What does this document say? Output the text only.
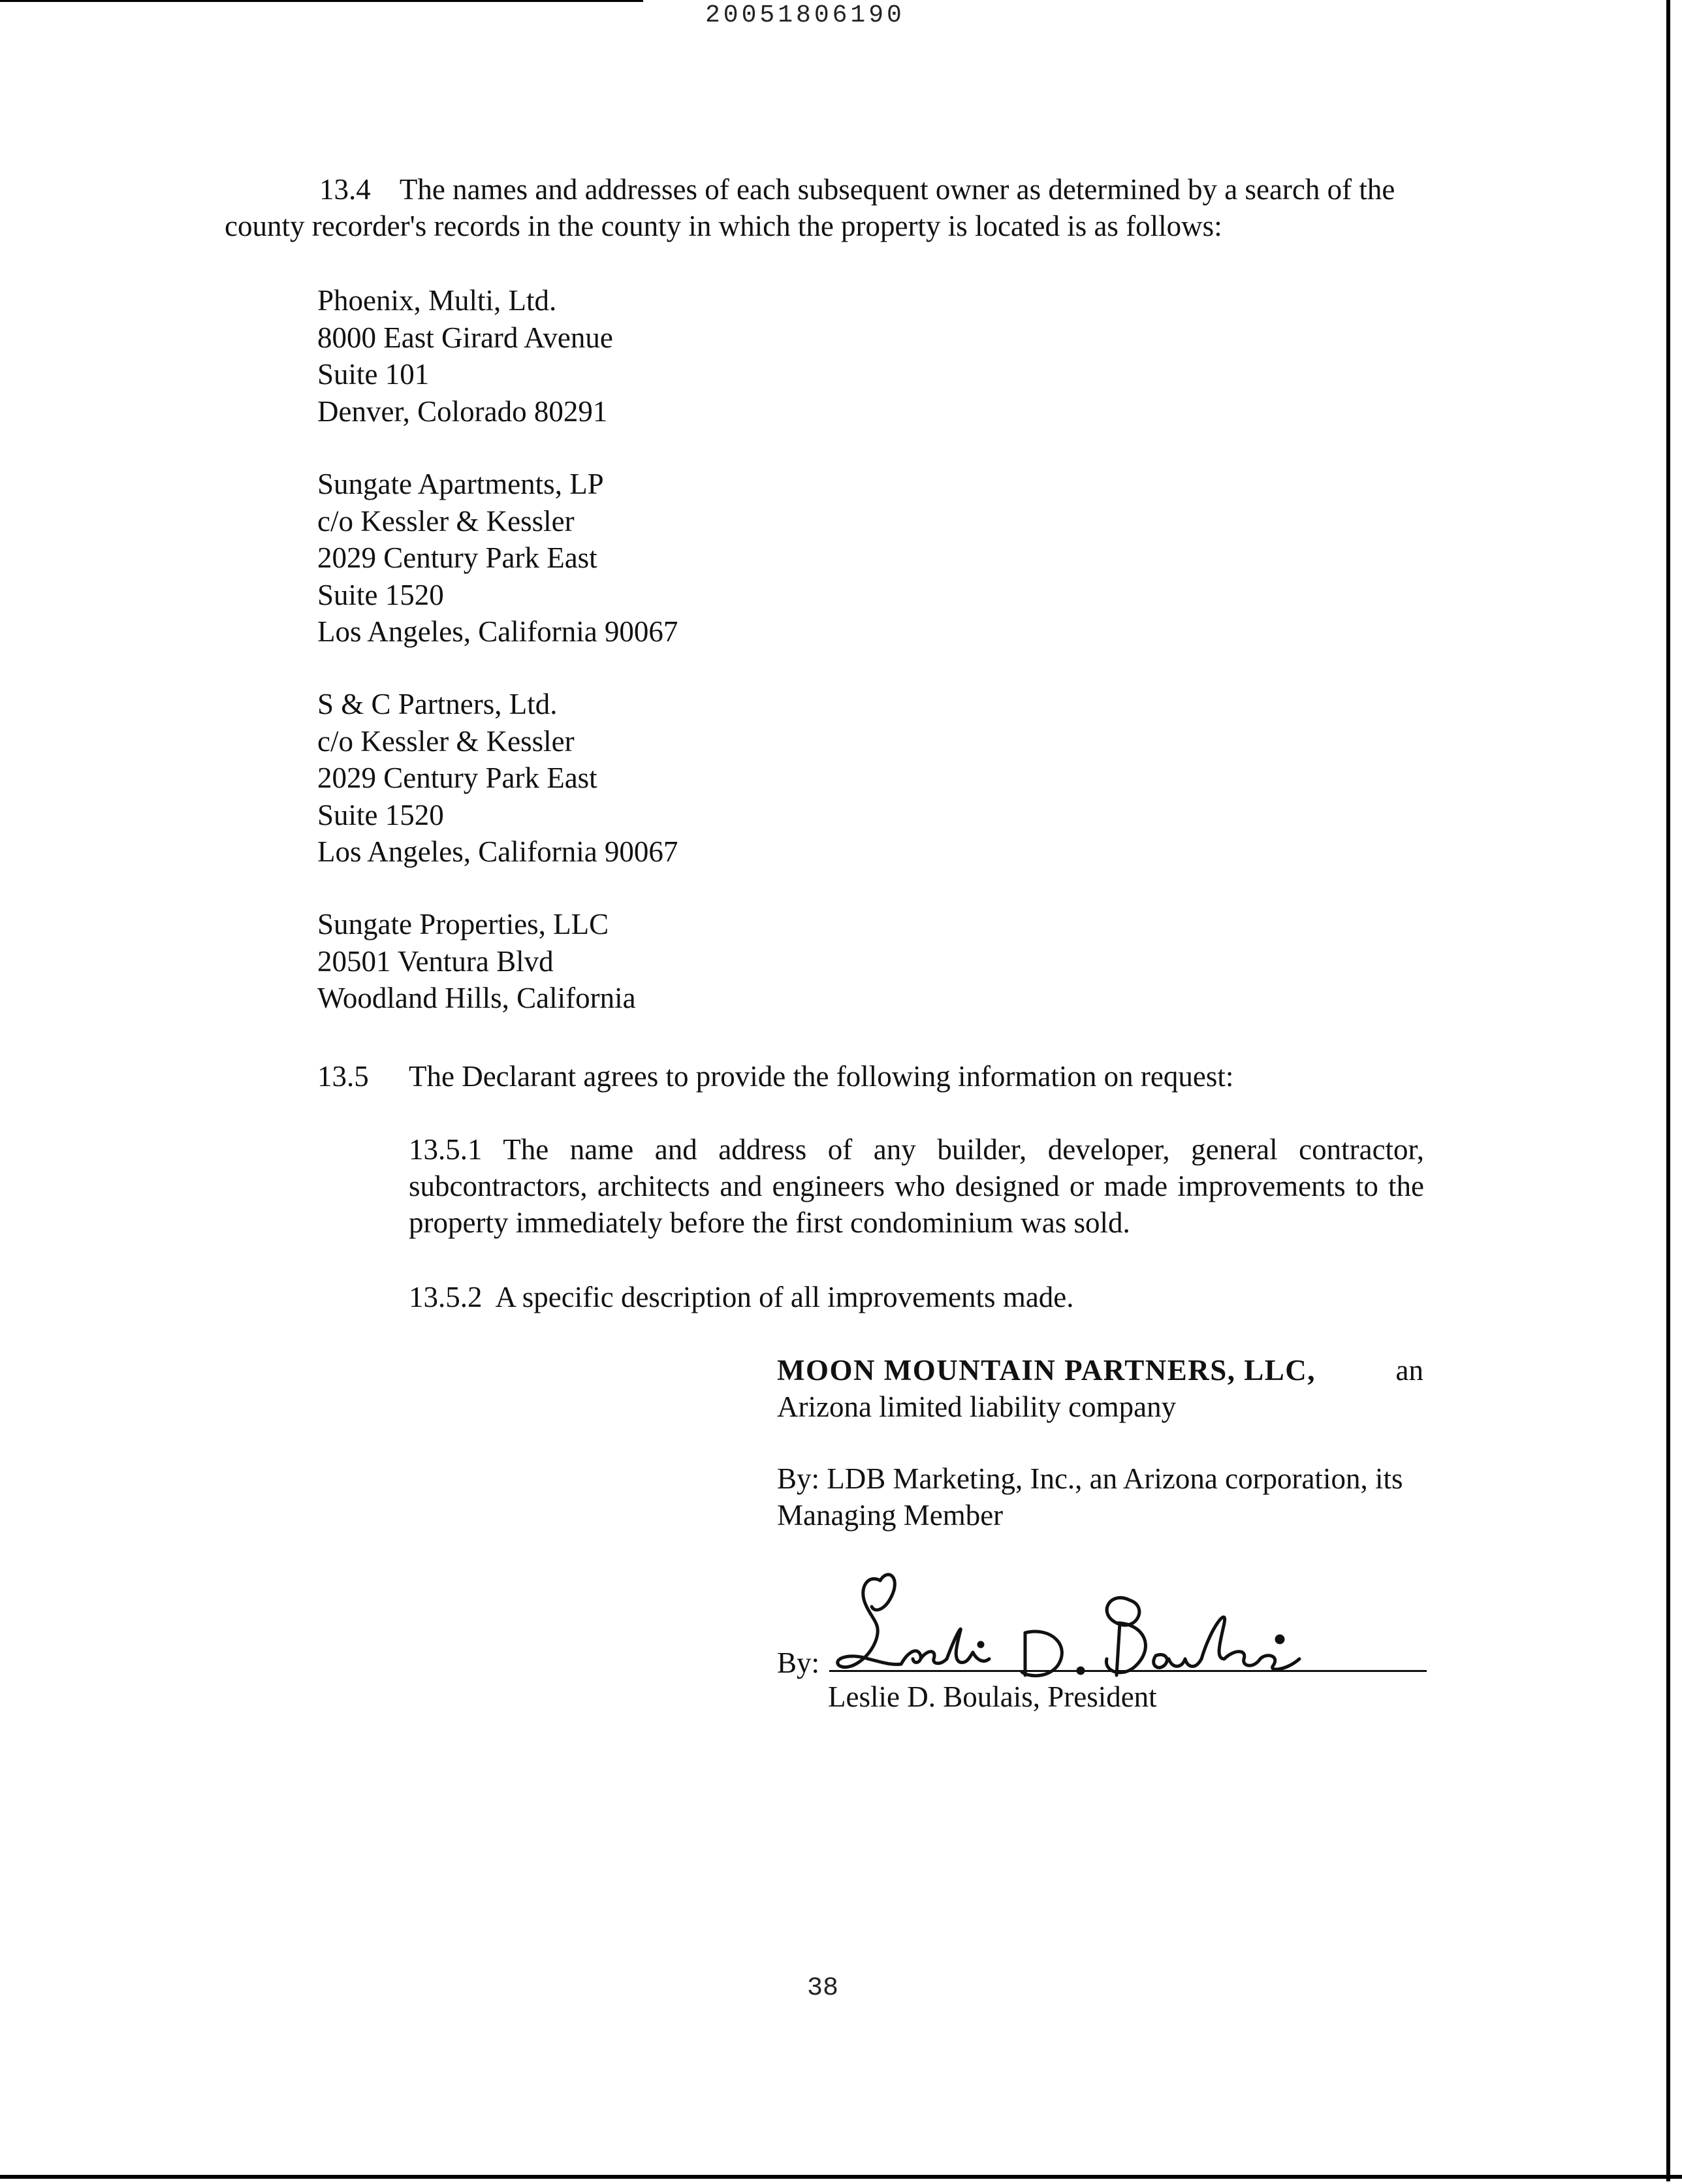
20051806190
13.4    The names and addresses of each subsequent owner as determined by a search of the
county recorder's records in the county in which the property is located is as follows:
Phoenix, Multi, Ltd.
8000 East Girard Avenue
Suite 101
Denver, Colorado 80291
Sungate Apartments, LP
c/o Kessler & Kessler
2029 Century Park East
Suite 1520
Los Angeles, California 90067
S & C Partners, Ltd.
c/o Kessler & Kessler
2029 Century Park East
Suite 1520
Los Angeles, California 90067
Sungate Properties, LLC
20501 Ventura Blvd
Woodland Hills, California
13.5 The Declarant agrees to provide the following information on request:
13.5.1 The name and address of any builder, developer, general contractor,
subcontractors, architects and engineers who designed or made improvements to the
property immediately before the first condominium was sold.
13.5.2  A specific description of all improvements made.
MOON MOUNTAIN PARTNERS, LLC,	an
Arizona limited liability company
By: LDB Marketing, Inc., an Arizona corporation, its
Managing Member
By:
Leslie D. Boulais, President
38
